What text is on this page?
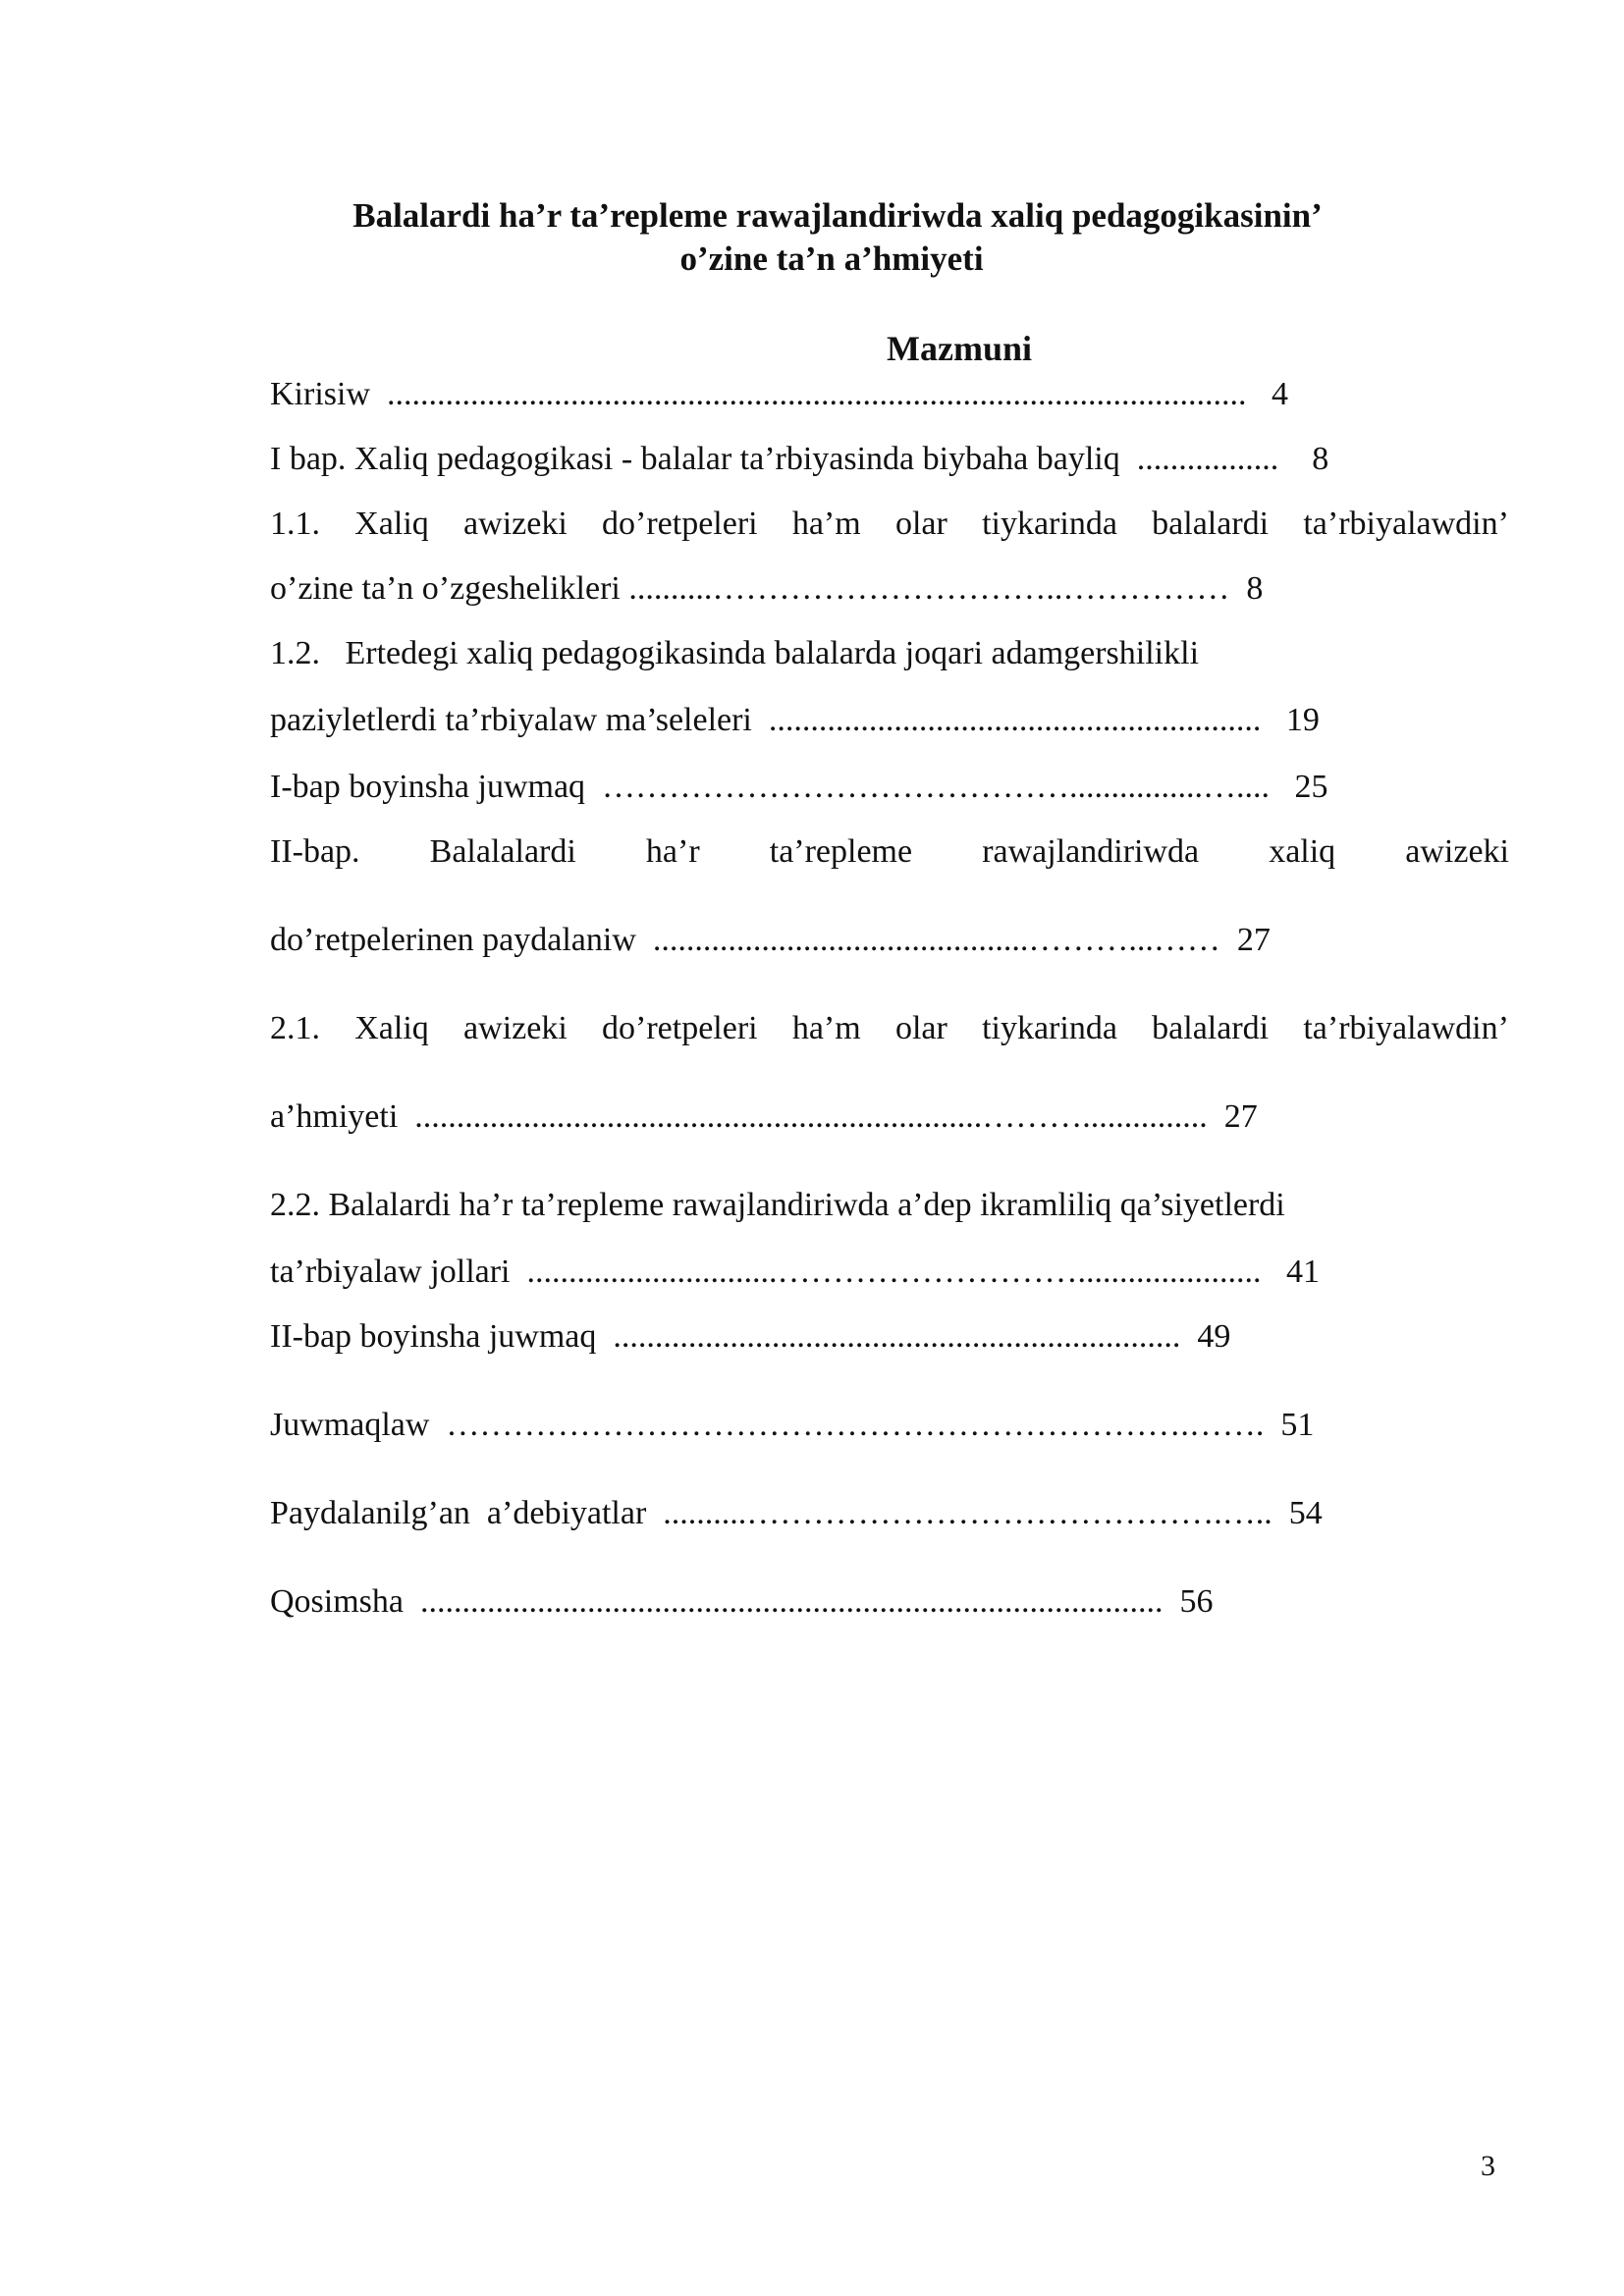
Balalardi ha’r ta’repleme rawajlandiriwda xaliq pedagogikasinin’
o’zine ta’n a’hmiyeti
Mazmuni
Kirisiw  .......................................................................................................   4
I bap. Xaliq pedagogikasi - balalar ta’rbiyasinda biybaha bayliq  .................    8
1.1. Xaliq awizeki do’retpeleri ha’m olar tiykarinda balalardi ta’rbiyalawdin’
o’zine ta’n o’zgeshelikleri ..........…………………………..……………  8
1.2.   Ertedegi xaliq pedagogikasinda balalarda joqari adamgershilikli
paziyletlerdi ta’rbiyalaw ma’seleleri  ...........................................................   19
I-bap boyinsha juwmaq  ……………………………………................…....   25
II-bap. Balalalardi ha’r ta’repleme rawajlandiriwda xaliq awizeki
do’retpelerinen paydalaniw  .............................................………...……  27
2.1. Xaliq awizeki do’retpeleri ha’m olar tiykarinda balalardi ta’rbiyalawdin’
a’hmiyeti  ....................................................................………...............  27
2.2. Balalardi ha’r ta’repleme rawajlandiriwda a’dep ikramliliq qa’siyetlerdi
ta’rbiyalaw jollari  ..............................………………………......................   41
II-bap boyinsha juwmaq  ....................................................................  49
Juwmaqlaw  ………………………………………………………….…….  51
Paydalanilg’an  a’debiyatlar  ..........…………………………………….…..  54
Qosimsha  .........................................................................................  56
3
